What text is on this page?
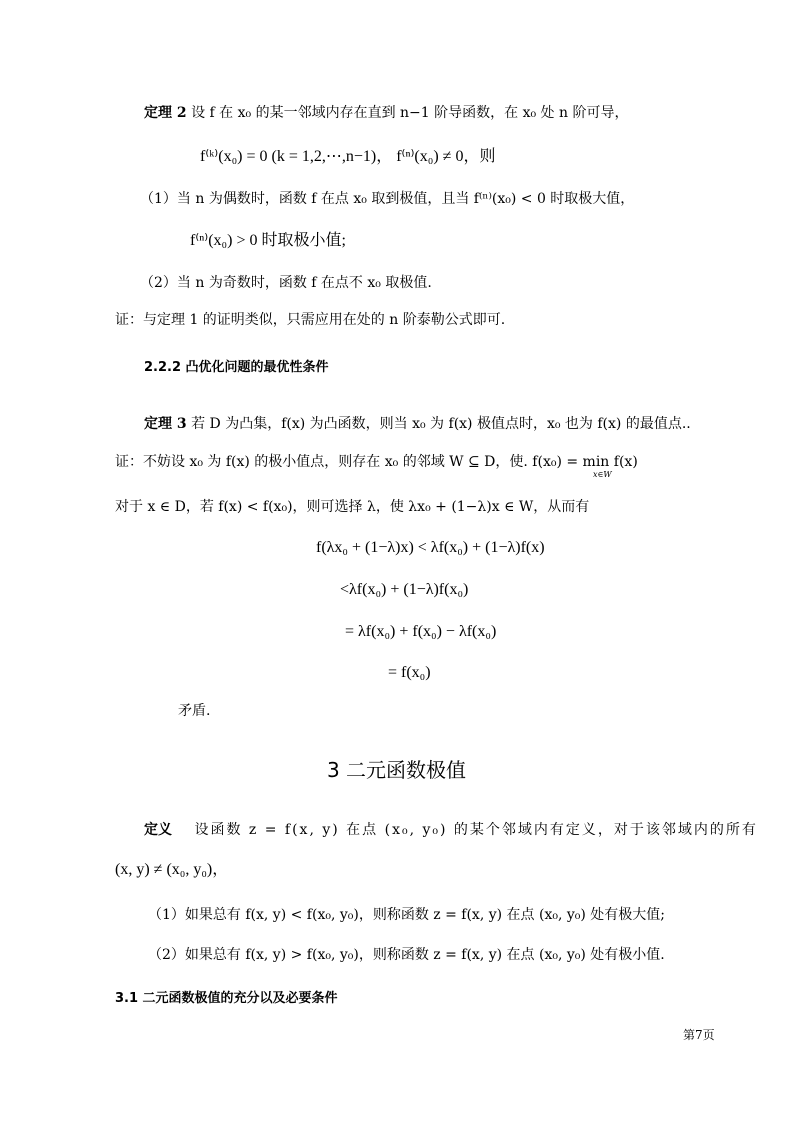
定理 2 设 f 在 x₀ 的某一邻域内存在直到 n−1 阶导函数，在 x₀ 处 n 阶可导，
f⁽ᵏ⁾(x₀) = 0 (k = 1,2,⋯,n−1)， f⁽ⁿ⁾(x₀) ≠ 0，则
（1）当 n 为偶数时，函数 f 在点 x₀ 取到极值，且当 f⁽ⁿ⁾(x₀) < 0 时取极大值，
f⁽ⁿ⁾(x₀) > 0 时取极小值;
（2）当 n 为奇数时，函数 f 在点不 x₀ 取极值.
证：与定理 1 的证明类似，只需应用在处的 n 阶泰勒公式即可.
2.2.2 凸优化问题的最优性条件
定理 3 若 D 为凸集，f(x) 为凸函数，则当 x₀ 为 f(x) 极值点时，x₀ 也为 f(x) 的最值点..
证：不妨设 x₀ 为 f(x) 的极小值点，则存在 x₀ 的邻域 W ⊆ D，使. f(x₀) = min f(x)
x∈W
对于 x ∈ D，若 f(x) < f(x₀)，则可选择 λ，使 λx₀ + (1−λ)x ∈ W，从而有
f(λx₀ + (1−λ)x) < λf(x₀) + (1−λ)f(x)
<λf(x₀) + (1−λ)f(x₀)
= λf(x₀) + f(x₀) − λf(x₀)
= f(x₀)
矛盾.
3 二元函数极值
定义 设函数 z = f(x, y) 在点 (x₀, y₀) 的某个邻域内有定义，对于该邻域内的所有
(x, y) ≠ (x₀, y₀)，
（1）如果总有 f(x, y) < f(x₀, y₀)，则称函数 z = f(x, y) 在点 (x₀, y₀) 处有极大值;
（2）如果总有 f(x, y) > f(x₀, y₀)，则称函数 z = f(x, y) 在点 (x₀, y₀) 处有极小值.
3.1 二元函数极值的充分以及必要条件
第7页
